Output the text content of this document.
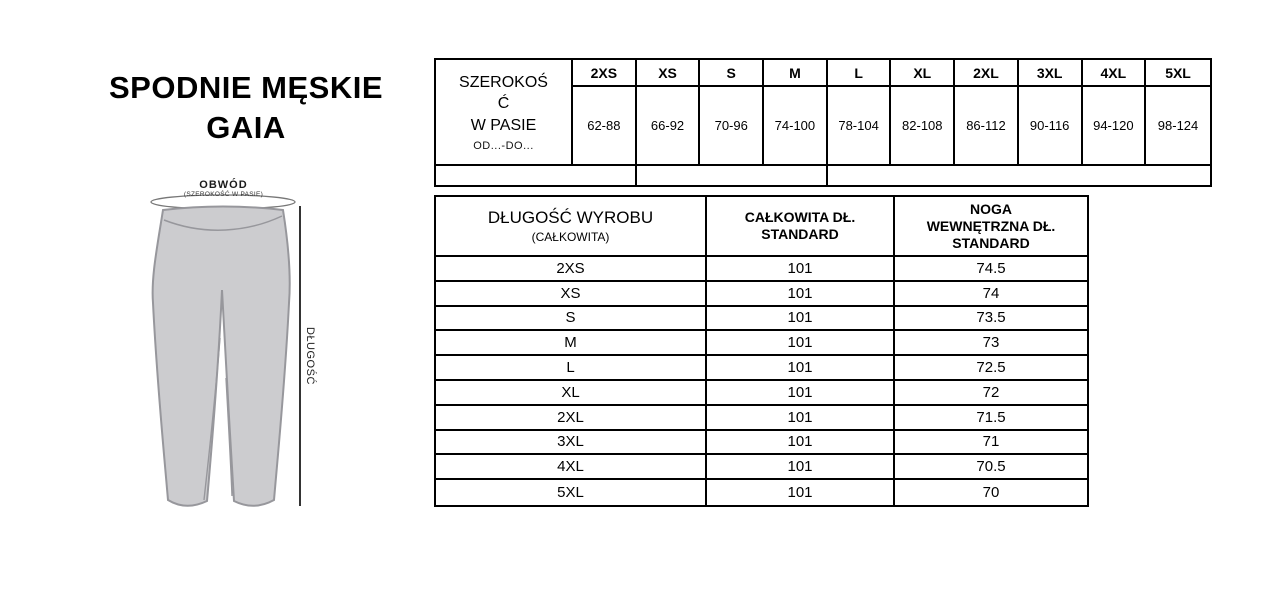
SPODNIE MĘSKIE
GAIA
OBWÓD
(SZEROKOŚĆ W PASIE)
DŁUGOŚĆ
SZEROKOŚĆ
W PASIE
OD...-DO...
2XS	XS	S	M	L	XL	2XL	3XL	4XL	5XL
62-88	66-92	70-96	74-100	78-104	82-108	86-112	90-116	94-120	98-124
DŁUGOŚĆ WYROBU
(CAŁKOWITA)
CAŁKOWITA DŁ. STANDARD
NOGA WEWNĘTRZNA DŁ. STANDARD
2XS	101	74.5
XS	101	74
S	101	73.5
M	101	73
L	101	72.5
XL	101	72
2XL	101	71.5
3XL	101	71
4XL	101	70.5
5XL	101	70
